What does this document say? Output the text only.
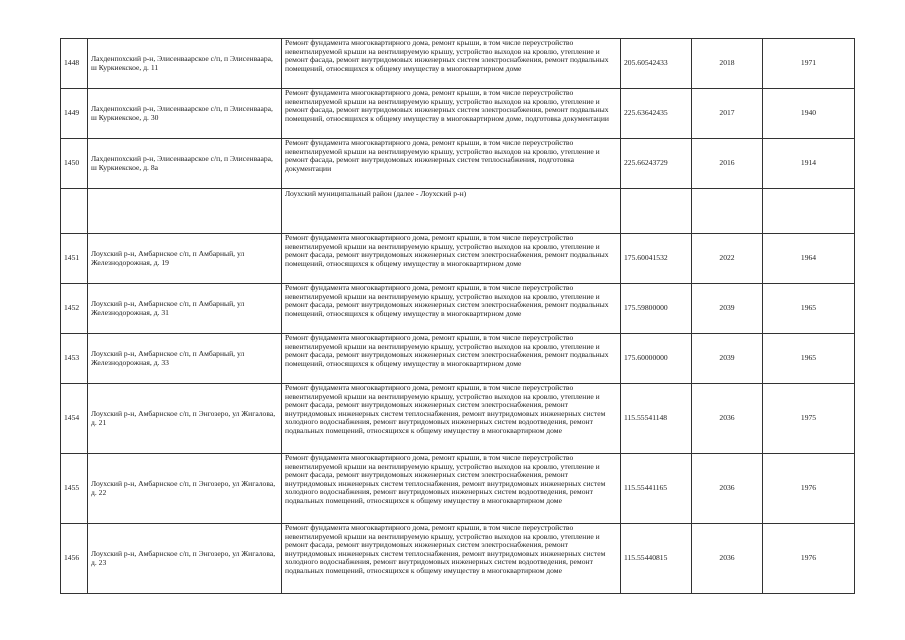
1448	Лахденпохский р-н, Элисенваарское с/п, п Элисенваара, ш Куркиекское, д. 11	Ремонт фундамента многоквартирного дома, ремонт крыши, в том числе переустройство невентилируемой крыши на вентилируемую крышу, устройство выходов на кровлю, утепление и ремонт фасада, ремонт внутридомовых инженерных систем электроснабжения, ремонт подвальных помещений, относящихся к общему имуществу в многоквартирном доме	205.60542433	2018	1971
1449	Лахденпохский р-н, Элисенваарское с/п, п Элисенваара, ш Куркиекское, д. 30	Ремонт фундамента многоквартирного дома, ремонт крыши, в том числе переустройство невентилируемой крыши на вентилируемую крышу, устройство выходов на кровлю, утепление и ремонт фасада, ремонт внутридомовых инженерных систем электроснабжения, ремонт подвальных помещений, относящихся к общему имуществу в многоквартирном доме, подготовка документации	225.63642435	2017	1940
1450	Лахденпохский р-н, Элисенваарское с/п, п Элисенваара, ш Куркиекское, д. 8а	Ремонт фундамента многоквартирного дома, ремонт крыши, в том числе переустройство невентилируемой крыши на вентилируемую крышу, устройство выходов на кровлю, утепление и ремонт фасада, ремонт внутридомовых инженерных систем теплоснабжения, подготовка документации	225.66243729	2016	1914
		Лоухский муниципальный район (далее - Лоухский р-н)			
1451	Лоухский р-н, Амбарнское с/п, п Амбарный, ул Железнодорожная, д. 19	Ремонт фундамента многоквартирного дома, ремонт крыши, в том числе переустройство невентилируемой крыши на вентилируемую крышу, устройство выходов на кровлю, утепление и ремонт фасада, ремонт внутридомовых инженерных систем электроснабжения, ремонт подвальных помещений, относящихся к общему имуществу в многоквартирном доме	175.60041532	2022	1964
1452	Лоухский р-н, Амбарнское с/п, п Амбарный, ул Железнодорожная, д. 31	Ремонт фундамента многоквартирного дома, ремонт крыши, в том числе переустройство невентилируемой крыши на вентилируемую крышу, устройство выходов на кровлю, утепление и ремонт фасада, ремонт внутридомовых инженерных систем электроснабжения, ремонт подвальных помещений, относящихся к общему имуществу в многоквартирном доме	175.59800000	2039	1965
1453	Лоухский р-н, Амбарнское с/п, п Амбарный, ул Железнодорожная, д. 33	Ремонт фундамента многоквартирного дома, ремонт крыши, в том числе переустройство невентилируемой крыши на вентилируемую крышу, устройство выходов на кровлю, утепление и ремонт фасада, ремонт внутридомовых инженерных систем электроснабжения, ремонт подвальных помещений, относящихся к общему имуществу в многоквартирном доме	175.60000000	2039	1965
1454	Лоухский р-н, Амбарнское с/п, п Энгозеро, ул Жигалова, д. 21	Ремонт фундамента многоквартирного дома, ремонт крыши, в том числе переустройство невентилируемой крыши на вентилируемую крышу, устройство выходов на кровлю, утепление и ремонт фасада, ремонт внутридомовых инженерных систем электроснабжения, ремонт внутридомовых инженерных систем теплоснабжения, ремонт внутридомовых инженерных систем холодного водоснабжения, ремонт внутридомовых инженерных систем водоотведения, ремонт подвальных помещений, относящихся к общему имуществу в многоквартирном доме	115.55541148	2036	1975
1455	Лоухский р-н, Амбарнское с/п, п Энгозеро, ул Жигалова, д. 22	Ремонт фундамента многоквартирного дома, ремонт крыши, в том числе переустройство невентилируемой крыши на вентилируемую крышу, устройство выходов на кровлю, утепление и ремонт фасада, ремонт внутридомовых инженерных систем электроснабжения, ремонт внутридомовых инженерных систем теплоснабжения, ремонт внутридомовых инженерных систем холодного водоснабжения, ремонт внутридомовых инженерных систем водоотведения, ремонт подвальных помещений, относящихся к общему имуществу в многоквартирном доме	115.55441165	2036	1976
1456	Лоухский р-н, Амбарнское с/п, п Энгозеро, ул Жигалова, д. 23	Ремонт фундамента многоквартирного дома, ремонт крыши, в том числе переустройство невентилируемой крыши на вентилируемую крышу, устройство выходов на кровлю, утепление и ремонт фасада, ремонт внутридомовых инженерных систем электроснабжения, ремонт внутридомовых инженерных систем теплоснабжения, ремонт внутридомовых инженерных систем холодного водоснабжения, ремонт внутридомовых инженерных систем водоотведения, ремонт подвальных помещений, относящихся к общему имуществу в многоквартирном доме	115.55440815	2036	1976
